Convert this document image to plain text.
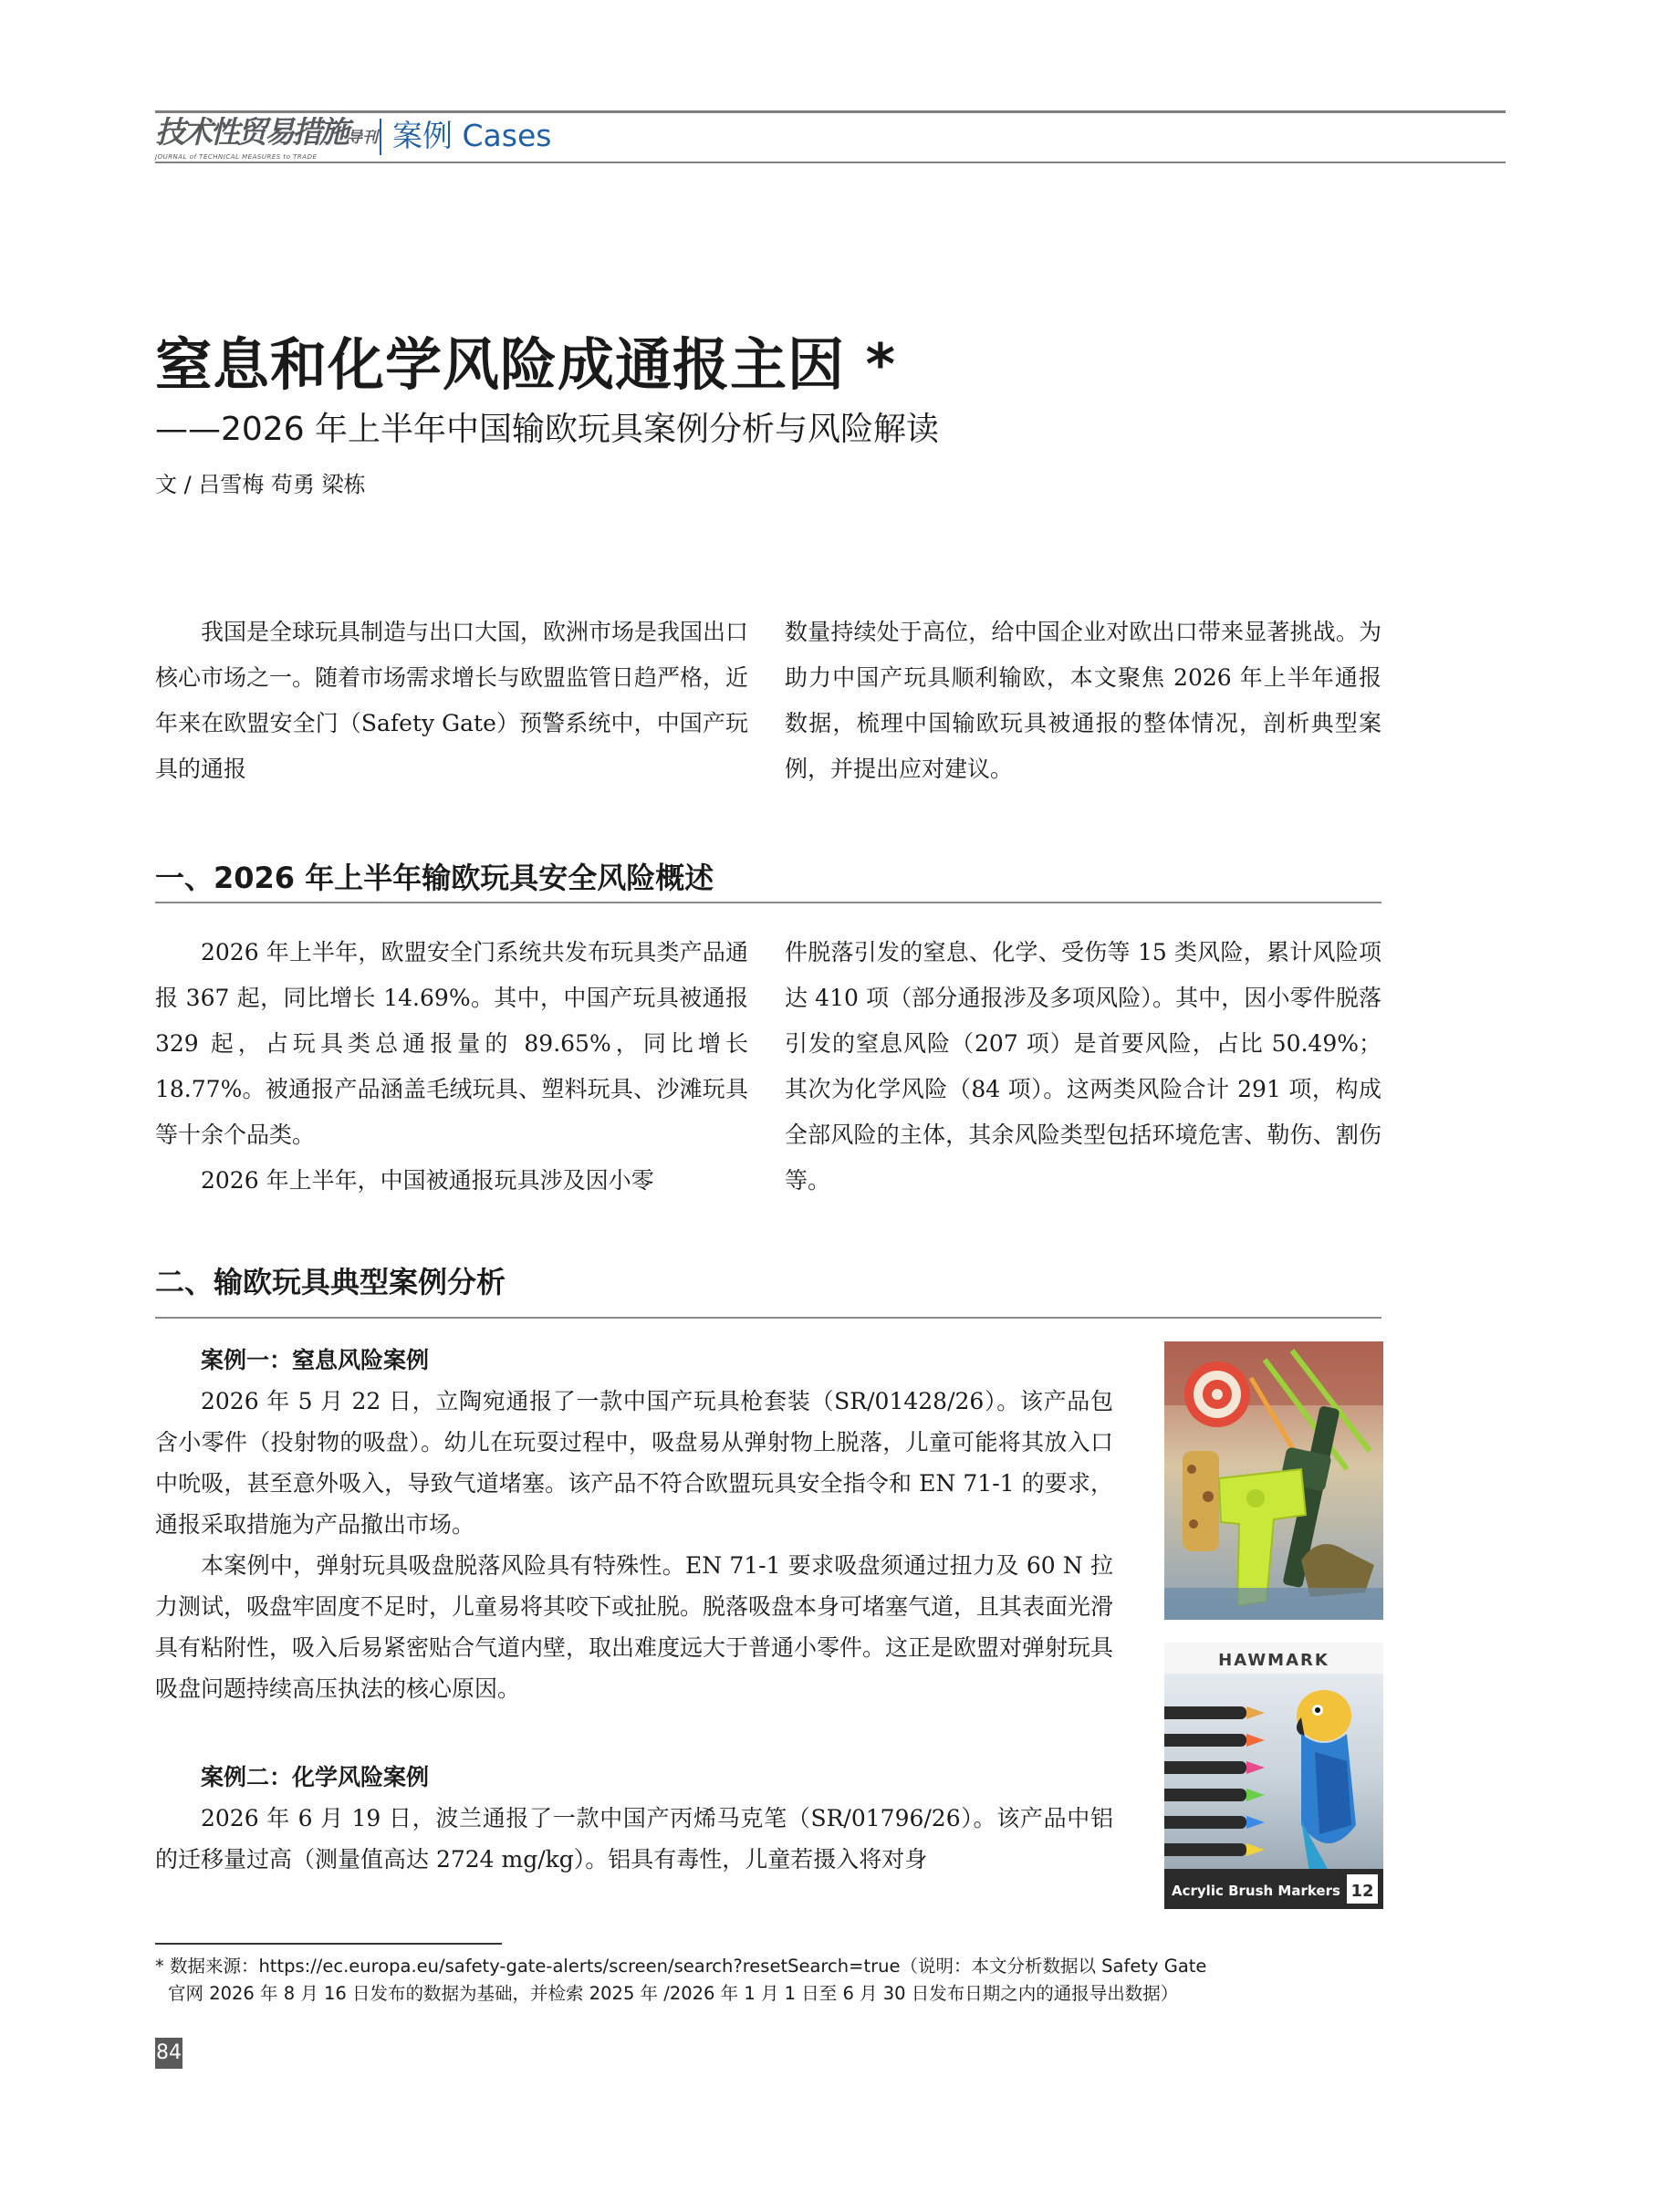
技术性贸易措施导刊
JOURNAL of TECHNICAL MEASURES to TRADE
案例 Cases
窒息和化学风险成通报主因 *
——2026 年上半年中国输欧玩具案例分析与风险解读
文 / 吕雪梅 苟勇 梁栋

我国是全球玩具制造与出口大国，欧洲市场是我国出口核心市场之一。随着市场需求增长与欧盟监管日趋严格，近年来在欧盟安全门（Safety Gate）预警系统中，中国产玩具的通报

数量持续处于高位，给中国企业对欧出口带来显著挑战。为助力中国产玩具顺利输欧，本文聚焦 2026 年上半年通报数据，梳理中国输欧玩具被通报的整体情况，剖析典型案例，并提出应对建议。

一、2026 年上半年输欧玩具安全风险概述

2026 年上半年，欧盟安全门系统共发布玩具类产品通报 367 起，同比增长 14.69%。其中，中国产玩具被通报 329 起，占玩具类总通报量的 89.65%，同比增长 18.77%。被通报产品涵盖毛绒玩具、塑料玩具、沙滩玩具等十余个品类。

2026 年上半年，中国被通报玩具涉及因小零

件脱落引发的窒息、化学、受伤等 15 类风险，累计风险项达 410 项（部分通报涉及多项风险）。其中，因小零件脱落引发的窒息风险（207 项）是首要风险，占比 50.49%；其次为化学风险（84 项）。这两类风险合计 291 项，构成全部风险的主体，其余风险类型包括环境危害、勒伤、割伤等。

二、输欧玩具典型案例分析
案例一：窒息风险案例

2026 年 5 月 22 日，立陶宛通报了一款中国产玩具枪套装（SR/01428/26）。该产品包含小零件（投射物的吸盘）。幼儿在玩耍过程中，吸盘易从弹射物上脱落，儿童可能将其放入口中吮吸，甚至意外吸入，导致气道堵塞。该产品不符合欧盟玩具安全指令和 EN 71-1 的要求，通报采取措施为产品撤出市场。

本案例中，弹射玩具吸盘脱落风险具有特殊性。EN 71-1 要求吸盘须通过扭力及 60 N 拉力测试，吸盘牢固度不足时，儿童易将其咬下或扯脱。脱落吸盘本身可堵塞气道，且其表面光滑具有粘附性，吸入后易紧密贴合气道内壁，取出难度远大于普通小零件。这正是欧盟对弹射玩具吸盘问题持续高压执法的核心原因。

案例二：化学风险案例

2026 年 6 月 19 日，波兰通报了一款中国产丙烯马克笔（SR/01796/26）。该产品中铝的迁移量过高（测量值高达 2724 mg/kg）。铝具有毒性，儿童若摄入将对身

HAWMARK
Acrylic Brush Markers 12
* 数据来源：https://ec.europa.eu/safety-gate-alerts/screen/search?resetSearch=true（说明：本文分析数据以 Safety Gate
官网 2026 年 8 月 16 日发布的数据为基础，并检索 2025 年 /2026 年 1 月 1 日至 6 月 30 日发布日期之内的通报导出数据）
84
